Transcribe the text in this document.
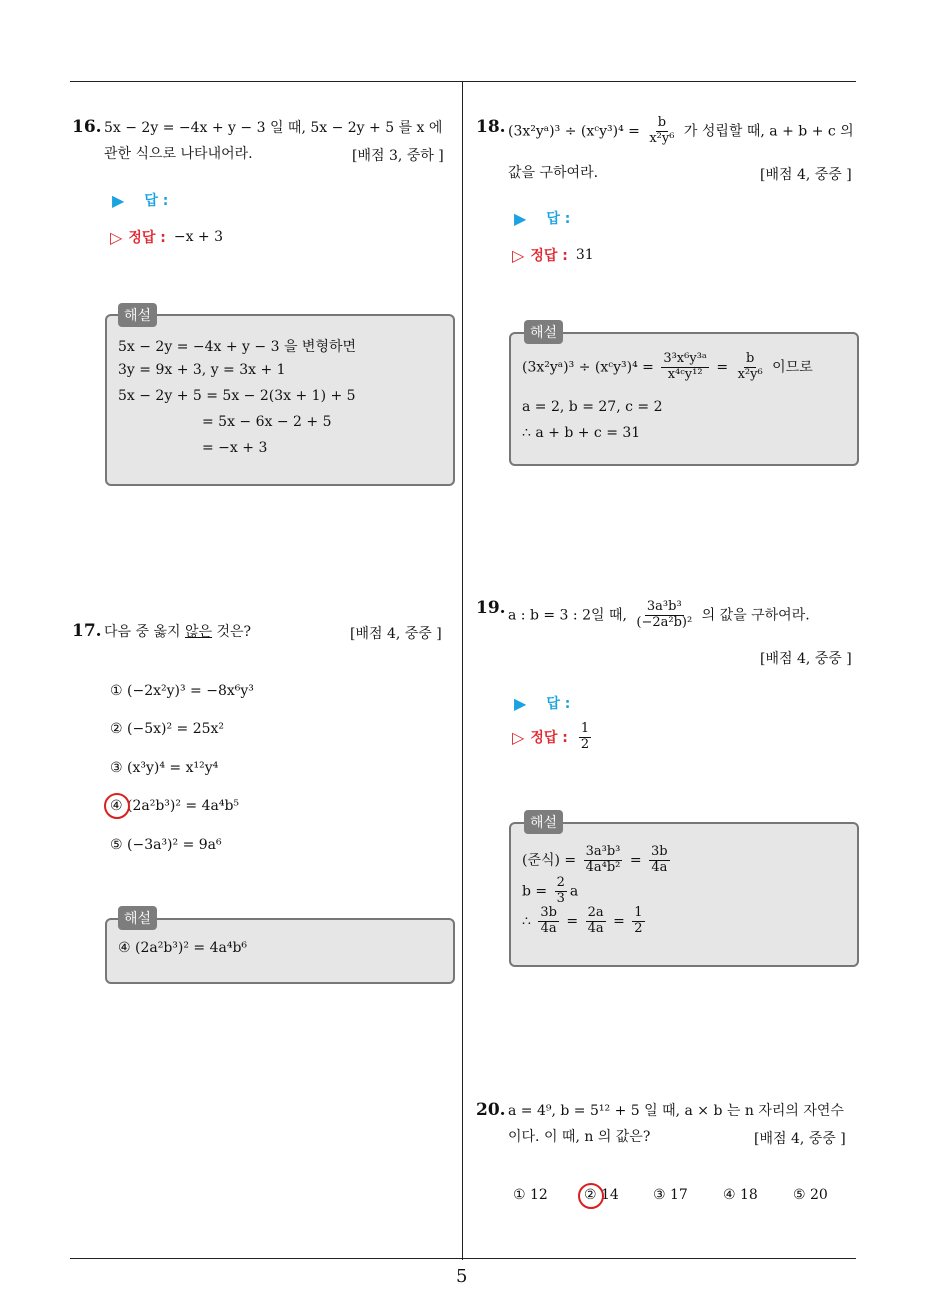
5
16. 5x − 2y = −4x + y − 3 일 때, 5x − 2y + 5 를 x 에
관한 식으로 나타내어라.	[배점 3, 중하 ]
▶ 답 :
▷ 정답 : −x + 3
해설
5x − 2y = −4x + y − 3 을 변형하면
3y = 9x + 3, y = 3x + 1
5x − 2y + 5 = 5x − 2(3x + 1) + 5
= 5x − 6x − 2 + 5
= −x + 3
17. 다음 중 옳지 않은 것은?	[배점 4, 중중 ]
① (−2x²y)³ = −8x⁶y³
② (−5x)² = 25x²
③ (x³y)⁴ = x¹²y⁴
④ (2a²b³)² = 4a⁴b⁵
⑤ (−3a³)² = 9a⁶
해설
④ (2a²b³)² = 4a⁴b⁶
18. (3x²yᵃ)³ ÷ (xᶜy³)⁴ = $\frac{b}{\text{x²y⁶}}$ 가 성립할 때, a + b + c 의
값을 구하여라.	[배점 4, 중중 ]
▶ 답 :
▷ 정답 : 31
해설
(3x²yᵃ)³ ÷ (xᶜy³)⁴ = $\frac{\text{3³x⁶y³ᵃ}}{\text{x⁴ᶜy¹²}} = \frac{b}{\text{x²y⁶}}$ 이므로
a = 2, b = 27, c = 2
∴ a + b + c = 31
19. a : b = 3 : 2일 때, $\frac{\text{3a³b³}}{\text{(−2a²b)²}}$ 의 값을 구하여라.
[배점 4, 중중 ]
▶ 답 :
▷ 정답 : $\frac{1}{2}$
해설
(준식) = $\frac{\text{3a³b³}}{\text{4a⁴b²}} = \frac{3b}{4a}$
$b = \frac{2}{3}$ a
∴ $\frac{3b}{4a} = \frac{2a}{4a} = \frac{1}{2}$
20. a = 4⁹, b = 5¹² + 5 일 때, a × b 는 n 자리의 자연수
이다. 이 때, n 의 값은?	[배점 4, 중중 ]
① 12	② 14 ③ 17	④ 18	⑤ 20
